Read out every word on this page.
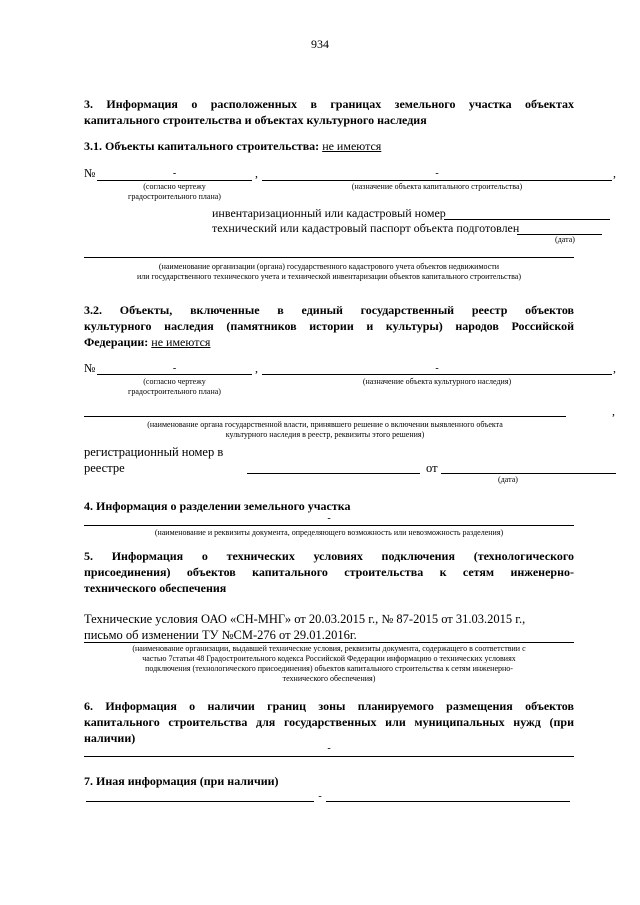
934
3. Информация о расположенных в границах земельного участка объектах
капитального строительства и объектах культурного наследия
3.1. Объекты капитального строительства: не имеются
№	-	,	-	,
(согласно чертежу
градостроительного плана)
(назначение объекта капитального строительства)
инвентаризационный или кадастровый номер
технический или кадастровый паспорт объекта подготовлен
(дата)
(наименование организации (органа) государственного кадастрового учета объектов недвижимости
или государственного технического учета и технической инвентаризации объектов капитального строительства)
3.2. Объекты, включенные в единый государственный реестр объектов
культурного наследия (памятников истории и культуры) народов Российской
Федерации: не имеются
№	-	,	-	,
(согласно чертежу
градостроительного плана)
(назначение объекта культурного наследия)
,
(наименование органа государственной власти, принявшего решение о включении выявленного объекта
культурного наследия в реестр, реквизиты этого решения)
регистрационный номер в
реестре	от
(дата)
4. Информация о разделении земельного участка
-
(наименование и реквизиты документа, определяющего возможность или невозможность разделения)
5. Информация о технических условиях подключения (технологического
присоединения) объектов капитального строительства к сетям инженерно-
технического обеспечения
Технические условия ОАО «СН-МНГ» от 20.03.2015 г., № 87-2015 от 31.03.2015 г.,
письмо об изменении ТУ №СМ-276 от 29.01.2016г.
(наименование организации, выдавшей технические условия, реквизиты документа, содержащего в соответствии с
частью 7статьи 48 Градостроительного кодекса Российской Федерации информацию о технических условиях
подключения (технологического присоединения) объектов капитального строительства к сетям инженерно-
технического обеспечения)
6. Информация о наличии границ зоны планируемого размещения объектов
капитального строительства для государственных или муниципальных нужд (при
наличии)
-
7. Иная информация (при наличии)
-
